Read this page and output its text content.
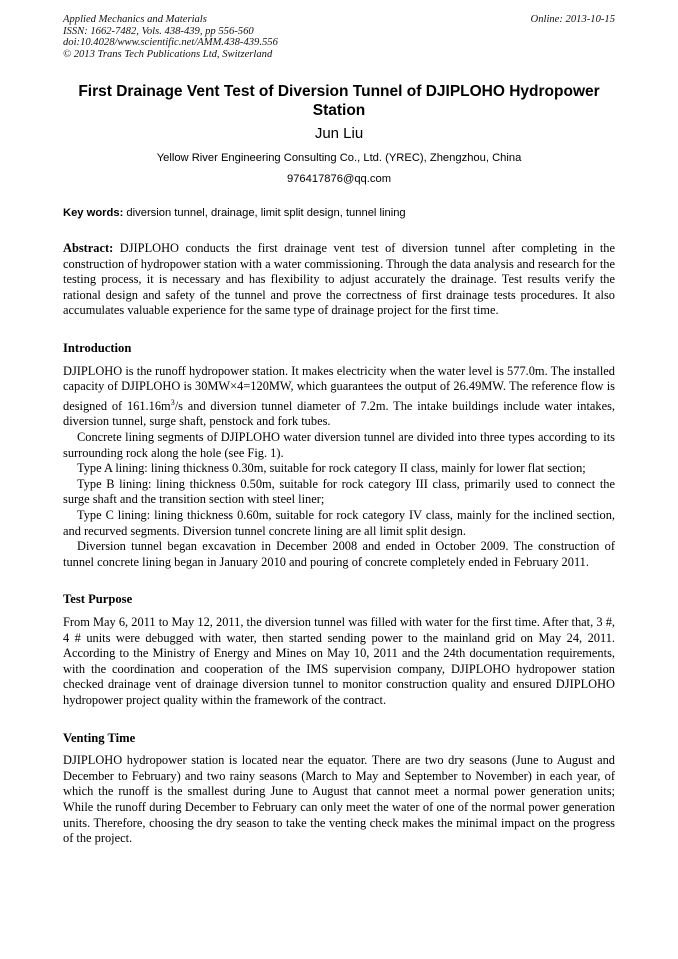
Applied Mechanics and Materials
ISSN: 1662-7482, Vols. 438-439, pp 556-560
doi:10.4028/www.scientific.net/AMM.438-439.556
© 2013 Trans Tech Publications Ltd, Switzerland
Online: 2013-10-15
First Drainage Vent Test of Diversion Tunnel of DJIPLOHO Hydropower Station
Jun Liu
Yellow River Engineering Consulting Co., Ltd. (YREC), Zhengzhou, China
976417876@qq.com
Key words: diversion tunnel, drainage, limit split design, tunnel lining

Abstract: DJIPLOHO conducts the first drainage vent test of diversion tunnel after completing in the construction of hydropower station with a water commissioning. Through the data analysis and research for the testing process, it is necessary and has flexibility to adjust accurately the drainage. Test results verify the rational design and safety of the tunnel and prove the correctness of first drainage tests procedures. It also accumulates valuable experience for the same type of drainage project for the first time.

Introduction

DJIPLOHO is the runoff hydropower station. It makes electricity when the water level is 577.0m. The installed capacity of DJIPLOHO is 30MW×4=120MW, which guarantees the output of 26.49MW. The reference flow is designed of $161.16m^3/s$ and diversion tunnel diameter of 7.2m. The intake buildings include water intakes, diversion tunnel, surge shaft, penstock and fork tubes.

Concrete lining segments of DJIPLOHO water diversion tunnel are divided into three types according to its surrounding rock along the hole (see Fig. 1).

Type A lining: lining thickness 0.30m, suitable for rock category II class, mainly for lower flat section;

Type B lining: lining thickness 0.50m, suitable for rock category III class, primarily used to connect the surge shaft and the transition section with steel liner;

Type C lining: lining thickness 0.60m, suitable for rock category IV class, mainly for the inclined section, and recurved segments. Diversion tunnel concrete lining are all limit split design.

Diversion tunnel began excavation in December 2008 and ended in October 2009. The construction of tunnel concrete lining began in January 2010 and pouring of concrete completely ended in February 2011.

Test Purpose

From May 6, 2011 to May 12, 2011, the diversion tunnel was filled with water for the first time. After that, 3 #, 4 # units were debugged with water, then started sending power to the mainland grid on May 24, 2011. According to the Ministry of Energy and Mines on May 10, 2011 and the 24th documentation requirements, with the coordination and cooperation of the IMS supervision company, DJIPLOHO hydropower station checked drainage vent of drainage diversion tunnel to monitor construction quality and ensured DJIPLOHO hydropower project quality within the framework of the contract.

Venting Time

DJIPLOHO hydropower station is located near the equator. There are two dry seasons (June to August and December to February) and two rainy seasons (March to May and September to November) in each year, of which the runoff is the smallest during June to August that cannot meet a normal power generation units; While the runoff during December to February can only meet the water of one of the normal power generation units. Therefore, choosing the dry season to take the venting check makes the minimal impact on the progress of the project.
